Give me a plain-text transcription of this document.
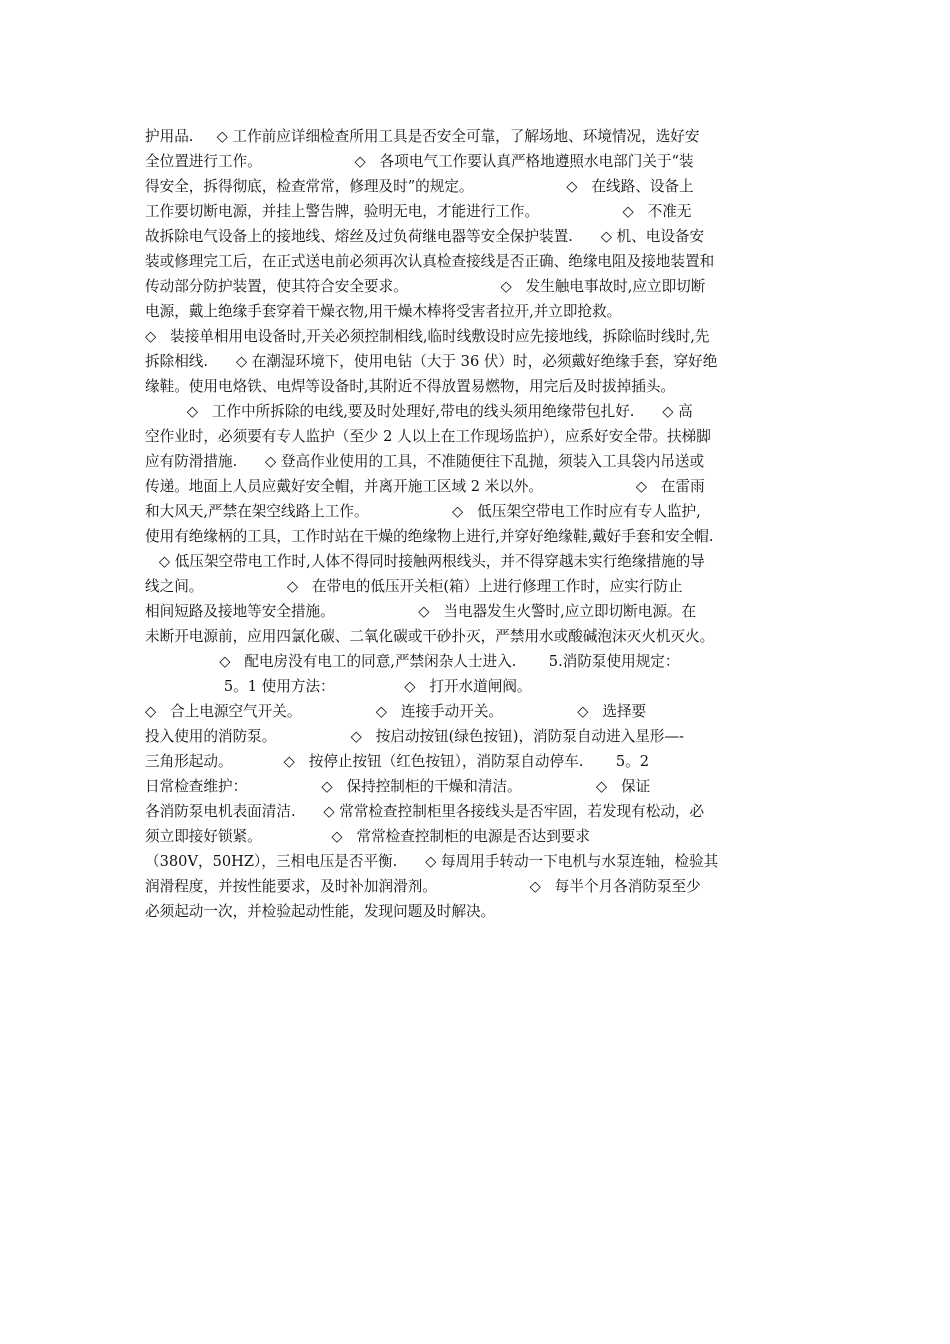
护用品.     ◇ 工作前应详细检查所用工具是否安全可靠，了解场地、环境情况，选好安
全位置进行工作。                    ◇   各项电气工作要认真严格地遵照水电部门关于“装
得安全，拆得彻底，检查常常，修理及时”的规定。                    ◇   在线路、设备上
工作要切断电源，并挂上警告牌，验明无电，才能进行工作。                  ◇   不准无
故拆除电气设备上的接地线、熔丝及过负荷继电器等安全保护装置.      ◇ 机、电设备安
装或修理完工后，在正式送电前必须再次认真检查接线是否正确、绝缘电阻及接地装置和
传动部分防护装置，使其符合安全要求。                    ◇   发生触电事故时,应立即切断
电源，戴上绝缘手套穿着干燥衣物,用干燥木棒将受害者拉开,并立即抢救。
◇   装接单相用电设备时,开关必须控制相线,临时线敷设时应先接地线，拆除临时线时,先
拆除相线.      ◇ 在潮湿环境下，使用电钻（大于 36 伏）时，必须戴好绝缘手套，穿好绝
缘鞋。使用电烙铁、电焊等设备时,其附近不得放置易燃物，用完后及时拔掉插头。
◇   工作中所拆除的电线,要及时处理好,带电的线头须用绝缘带包扎好.      ◇ 高
空作业时，必须要有专人监护（至少 2 人以上在工作现场监护），应系好安全带。扶梯脚
应有防滑措施.      ◇ 登高作业使用的工具，不准随便往下乱抛，须装入工具袋内吊送或
传递。地面上人员应戴好安全帽，并离开施工区域 2 米以外。                    ◇   在雷雨
和大风天,严禁在架空线路上工作。                  ◇   低压架空带电工作时应有专人监护,
使用有绝缘柄的工具，工作时站在干燥的绝缘物上进行,并穿好绝缘鞋,戴好手套和安全帽.
◇ 低压架空带电工作时,人体不得同时接触两根线头，并不得穿越未实行绝缘措施的导
线之间。                  ◇   在带电的低压开关柜(箱）上进行修理工作时，应实行防止
相间短路及接地等安全措施。                  ◇   当电器发生火警时,应立即切断电源。在
未断开电源前，应用四氯化碳、二氧化碳或干砂扑灭，严禁用水或酸碱泡沫灭火机灭火。
◇   配电房没有电工的同意,严禁闲杂人士进入.       5.消防泵使用规定：
5。1 使用方法：               ◇   打开水道闸阀。
◇   合上电源空气开关。                ◇   连接手动开关。                ◇   选择要
投入使用的消防泵。                ◇   按启动按钮(绿色按钮)，消防泵自动进入星形—-
三角形起动。           ◇   按停止按钮（红色按钮），消防泵自动停车.       5。2
日常检查维护：                ◇   保持控制柜的干燥和清洁。                ◇   保证
各消防泵电机表面清洁.      ◇ 常常检查控制柜里各接线头是否牢固，若发现有松动，必
须立即接好锁紧。               ◇   常常检查控制柜的电源是否达到要求
（380V，50HZ），三相电压是否平衡.      ◇ 每周用手转动一下电机与水泵连轴，检验其
润滑程度，并按性能要求，及时补加润滑剂。                    ◇   每半个月各消防泵至少
必须起动一次，并检验起动性能，发现问题及时解决。
